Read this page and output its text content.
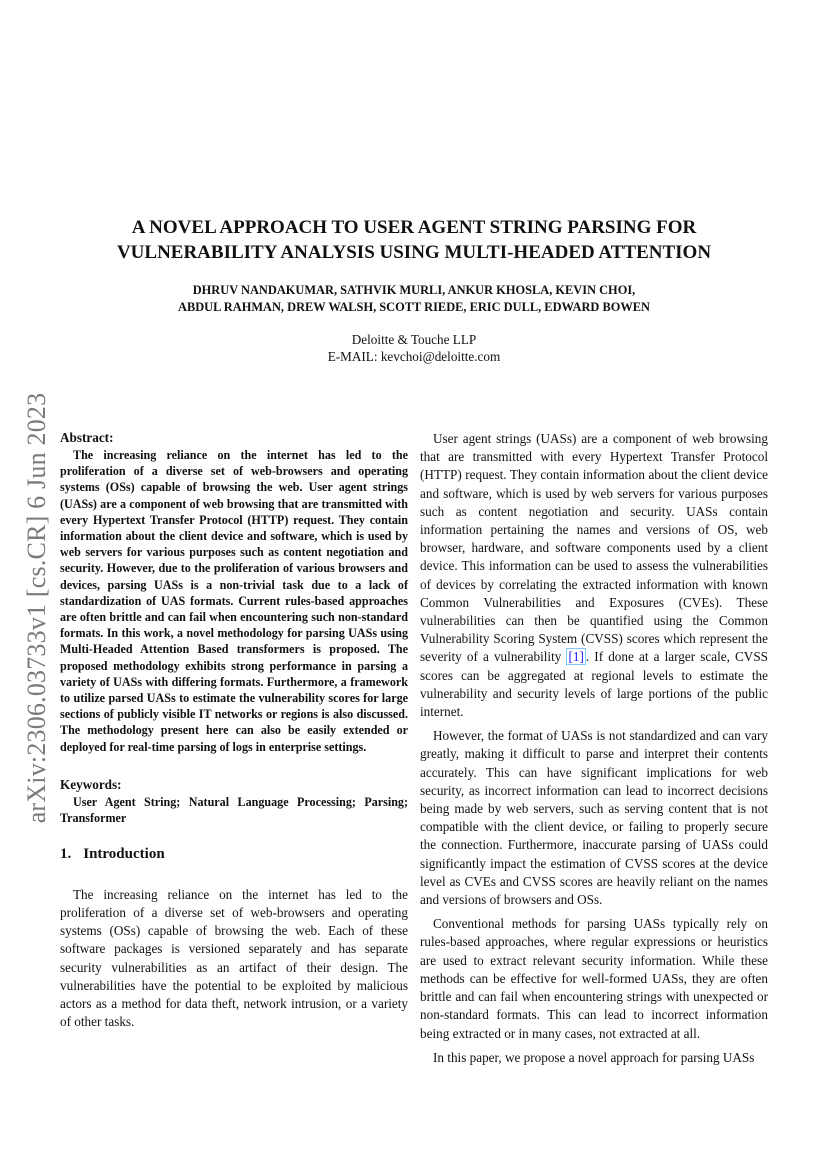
arXiv:2306.03733v1 [cs.CR] 6 Jun 2023
A NOVEL APPROACH TO USER AGENT STRING PARSING FOR
VULNERABILITY ANALYSIS USING MULTI-HEADED ATTENTION
DHRUV NANDAKUMAR, SATHVIK MURLI, ANKUR KHOSLA, KEVIN CHOI,
ABDUL RAHMAN, DREW WALSH, SCOTT RIEDE, ERIC DULL, EDWARD BOWEN
Deloitte & Touche LLP
E-MAIL: kevchoi@deloitte.com

Abstract:

The increasing reliance on the internet has led to the proliferation of a diverse set of web-browsers and operating systems (OSs) capable of browsing the web. User agent strings (UASs) are a component of web browsing that are transmitted with every Hypertext Transfer Protocol (HTTP) request. They contain information about the client device and software, which is used by web servers for various purposes such as content negotiation and security. However, due to the proliferation of various browsers and devices, parsing UASs is a non-trivial task due to a lack of standardization of UAS formats. Current rules-based approaches are often brittle and can fail when encountering such non-standard formats. In this work, a novel methodology for parsing UASs using Multi-Headed Attention Based transformers is proposed. The proposed methodology exhibits strong performance in parsing a variety of UASs with differing formats. Furthermore, a framework to utilize parsed UASs to estimate the vulnerability scores for large sections of publicly visible IT networks or regions is also discussed. The methodology present here can also be easily extended or deployed for real-time parsing of logs in enterprise settings.

Keywords:

User Agent String; Natural Language Processing; Parsing; Transformer

1. Introduction

The increasing reliance on the internet has led to the proliferation of a diverse set of web-browsers and operating systems (OSs) capable of browsing the web. Each of these software packages is versioned separately and has separate security vulnerabilities as an artifact of their design. The vulnerabilities have the potential to be exploited by malicious actors as a method for data theft, network intrusion, or a variety of other tasks.

User agent strings (UASs) are a component of web browsing that are transmitted with every Hypertext Transfer Protocol (HTTP) request. They contain information about the client device and software, which is used by web servers for various purposes such as content negotiation and security. UASs contain information pertaining the names and versions of OS, web browser, hardware, and software components used by a client device. This information can be used to assess the vulnerabilities of devices by correlating the extracted information with known Common Vulnerabilities and Exposures (CVEs). These vulnerabilities can then be quantified using the Common Vulnerability Scoring System (CVSS) scores which represent the severity of a vulnerability [1] . If done at a larger scale, CVSS scores can be aggregated at regional levels to estimate the vulnerability and security levels of large portions of the public internet.

However, the format of UASs is not standardized and can vary greatly, making it difficult to parse and interpret their contents accurately. This can have significant implications for web security, as incorrect information can lead to incorrect decisions being made by web servers, such as serving content that is not compatible with the client device, or failing to properly secure the connection. Furthermore, inaccurate parsing of UASs could significantly impact the estimation of CVSS scores at the device level as CVEs and CVSS scores are heavily reliant on the names and versions of browsers and OSs.

Conventional methods for parsing UASs typically rely on rules-based approaches, where regular expressions or heuristics are used to extract relevant security information. While these methods can be effective for well-formed UASs, they are often brittle and can fail when encountering strings with unexpected or non-standard formats. This can lead to incorrect information being extracted or in many cases, not extracted at all.

In this paper, we propose a novel approach for parsing UASs
